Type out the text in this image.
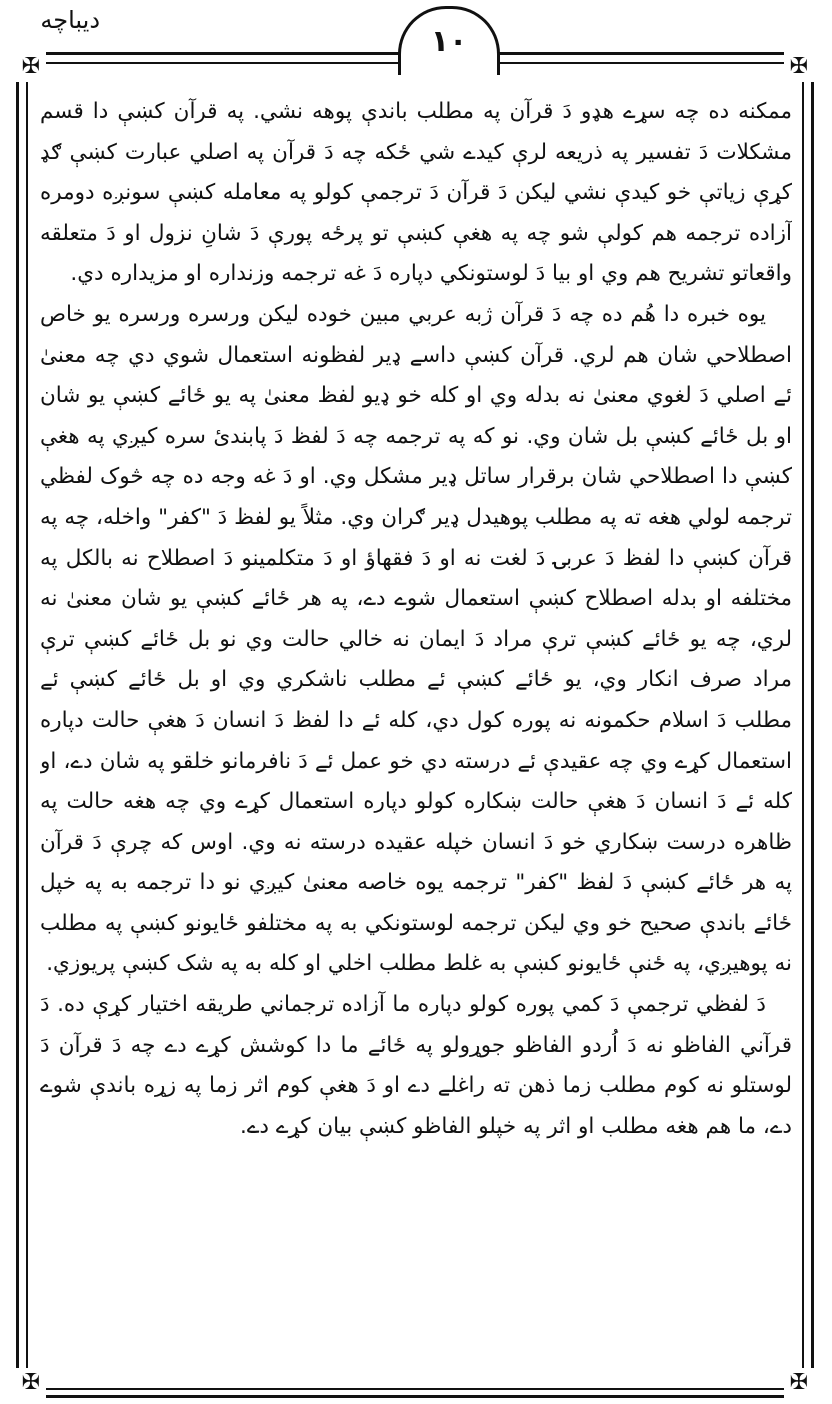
دیباچه
١٠
✠	✠
✠	✠

ممکنه ده چه سړے هډو دَ قرآن په مطلب باندې پوهه نشي. په قرآن کښې دا قسم مشکلات دَ تفسیر په ذریعه لرې کیدے شي ځکه چه دَ قرآن په اصلي عبارت کښې ګډ کړې زیاتې خو کیدې نشي لیکن دَ قرآن دَ ترجمې کولو په معامله کښې سونږه دومره آزاده ترجمه هم کولې شو چه په هغې کښې تو پرځه پورې دَ شانِ نزول او دَ متعلقه واقعاتو تشریح هم وي او بیا دَ لوستونکي دپاره دَ غه ترجمه وزنداره او مزیداره دي.

یوه خبره دا هُم ده چه دَ قرآن ژبه عربي مبین خوده لیکن ورسره ورسره یو خاص اصطلاحي شان هم لري. قرآن کښې داسے ډیر لفظونه استعمال شوي دي چه معنیٰ ئے اصلي دَ لغوي معنیٰ نه بدله وي او کله خو ډیو لفظ معنیٰ په یو ځائے کښې یو شان او بل ځائے کښې بل شان وي. نو که په ترجمه چه دَ لفظ دَ پابندیٔ سره کیږي په هغې کښې دا اصطلاحي شان برقرار ساتل ډیر مشکل وي. او دَ غه وجه ده چه څوک لفظي ترجمه لولي هغه ته په مطلب پوهیدل ډیر ګران وي. مثلاً یو لفظ دَ "کفر" واخله، چه په قرآن کښې دا لفظ دَ عربۍ دَ لغت نه او دَ فقهاؤ او دَ متکلمینو دَ اصطلاح نه بالکل په مختلفه او بدله اصطلاح کښې استعمال شوے دے، په هر ځائے کښې یو شان معنیٰ نه لري، چه یو ځائے کښې ترې مراد دَ ایمان نه خالي حالت وي نو بل ځائے کښې ترې مراد صرف انکار وي، یو ځائے کښې ئے مطلب ناشکري وي او بل ځائے کښې ئے مطلب دَ اسلام حکمونه نه پوره کول دي، کله ئے دا لفظ دَ انسان دَ هغې حالت دپاره استعمال کړے وي چه عقیدې ئے درسته دي خو عمل ئے دَ نافرمانو خلقو په شان دے، او کله ئے دَ انسان دَ هغې حالت ښکاره کولو دپاره استعمال کړے وي چه هغه حالت په ظاهره درست ښکاري خو دَ انسان خپله عقیده درسته نه وي. اوس که چرې دَ قرآن په هر ځائے کښې دَ لفظ "کفر" ترجمه یوه خاصه معنیٰ کیږي نو دا ترجمه به په خپل ځائے باندې صحیح خو وي لیکن ترجمه لوستونکي به په مختلفو ځایونو کښې په مطلب نه پوهیږي، په ځنې ځایونو کښې به غلط مطلب اخلي او کله به په شک کښې پریوزي.

دَ لفظي ترجمې دَ کمي پوره کولو دپاره ما آزاده ترجماني طریقه اختیار کړې ده. دَ قرآني الفاظو نه دَ اُردو الفاظو جوړولو په ځائے ما دا کوشش کړے دے چه دَ قرآن دَ لوستلو نه کوم مطلب زما ذهن ته راغلے دے او دَ هغې کوم اثر زما په زړه باندې شوے دے، ما هم هغه مطلب او اثر په خپلو الفاظو کښې بیان کړے دے.
